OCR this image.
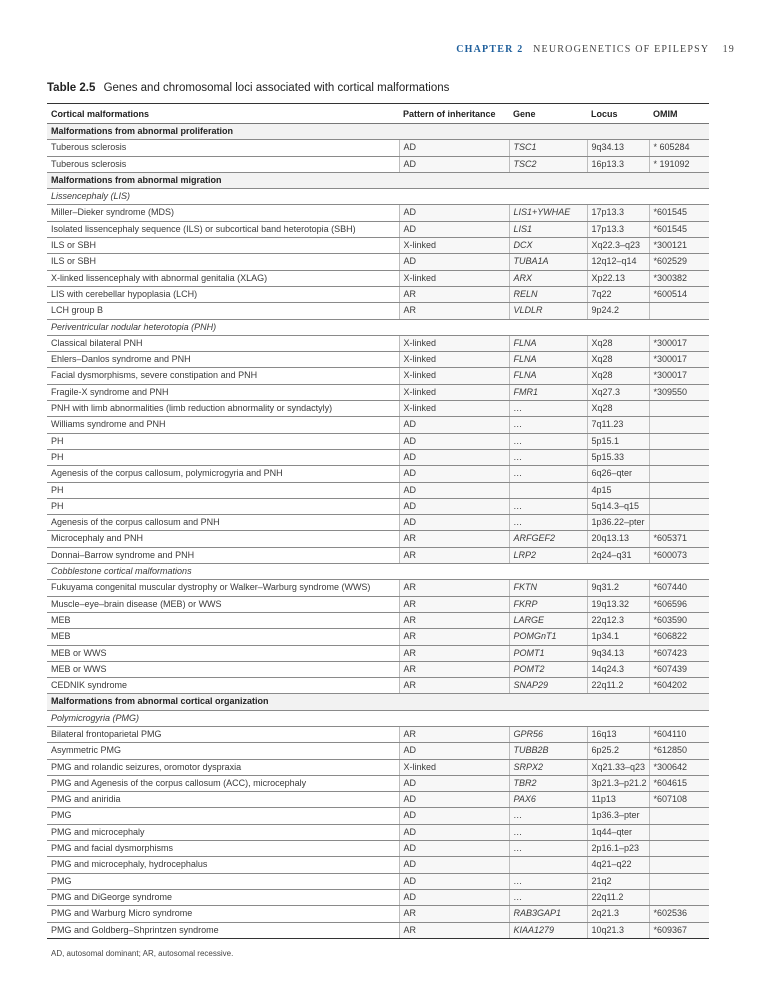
CHAPTER 2 NEUROGENETICS OF EPILEPSY 19
Table 2.5 Genes and chromosomal loci associated with cortical malformations
Cortical malformations	Pattern of inheritance	Gene	Locus	OMIM
Malformations from abnormal proliferation				
Tuberous sclerosis	AD	TSC1	9q34.13	* 605284
Tuberous sclerosis	AD	TSC2	16p13.3	* 191092
Malformations from abnormal migration				
Lissencephaly (LIS)				
Miller–Dieker syndrome (MDS)	AD	LIS1+YWHAE	17p13.3	*601545
Isolated lissencephaly sequence (ILS) or subcortical band heterotopia (SBH)	AD	LIS1	17p13.3	*601545
ILS or SBH	X-linked	DCX	Xq22.3–q23	*300121
ILS or SBH	AD	TUBA1A	12q12–q14	*602529
X-linked lissencephaly with abnormal genitalia (XLAG)	X-linked	ARX	Xp22.13	*300382
LIS with cerebellar hypoplasia (LCH)	AR	RELN	7q22	*600514
LCH group B	AR	VLDLR	9p24.2	
Periventricular nodular heterotopia (PNH)				
Classical bilateral PNH	X-linked	FLNA	Xq28	*300017
Ehlers–Danlos syndrome and PNH	X-linked	FLNA	Xq28	*300017
Facial dysmorphisms, severe constipation and PNH	X-linked	FLNA	Xq28	*300017
Fragile-X syndrome and PNH	X-linked	FMR1	Xq27.3	*309550
PNH with limb abnormalities (limb reduction abnormality or syndactyly)	X-linked	…	Xq28	
Williams syndrome and PNH	AD	…	7q11.23	
PH	AD	…	5p15.1	
PH	AD	…	5p15.33	
Agenesis of the corpus callosum, polymicrogyria and PNH	AD	…	6q26–qter	
PH	AD		4p15	
PH	AD	…	5q14.3–q15	
Agenesis of the corpus callosum and PNH	AD	…	1p36.22–pter	
Microcephaly and PNH	AR	ARFGEF2	20q13.13	*605371
Donnai–Barrow syndrome and PNH	AR	LRP2	2q24–q31	*600073
Cobblestone cortical malformations				
Fukuyama congenital muscular dystrophy or Walker–Warburg syndrome (WWS)	AR	FKTN	9q31.2	*607440
Muscle–eye–brain disease (MEB) or WWS	AR	FKRP	19q13.32	*606596
MEB	AR	LARGE	22q12.3	*603590
MEB	AR	POMGnT1	1p34.1	*606822
MEB or WWS	AR	POMT1	9q34.13	*607423
MEB or WWS	AR	POMT2	14q24.3	*607439
CEDNIK syndrome	AR	SNAP29	22q11.2	*604202
Malformations from abnormal cortical organization				
Polymicrogyria (PMG)				
Bilateral frontoparietal PMG	AR	GPR56	16q13	*604110
Asymmetric PMG	AD	TUBB2B	6p25.2	*612850
PMG and rolandic seizures, oromotor dyspraxia	X-linked	SRPX2	Xq21.33–q23	*300642
PMG and Agenesis of the corpus callosum (ACC), microcephaly	AD	TBR2	3p21.3–p21.2	*604615
PMG and aniridia	AD	PAX6	11p13	*607108
PMG	AD	…	1p36.3–pter	
PMG and microcephaly	AD	…	1q44–qter	
PMG and facial dysmorphisms	AD	…	2p16.1–p23	
PMG and microcephaly, hydrocephalus	AD		4q21–q22	
PMG	AD	…	21q2	
PMG and DiGeorge syndrome	AD	…	22q11.2	
PMG and Warburg Micro syndrome	AR	RAB3GAP1	2q21.3	*602536
PMG and Goldberg–Shprintzen syndrome	AR	KIAA1279	10q21.3	*609367
AD, autosomal dominant; AR, autosomal recessive.
